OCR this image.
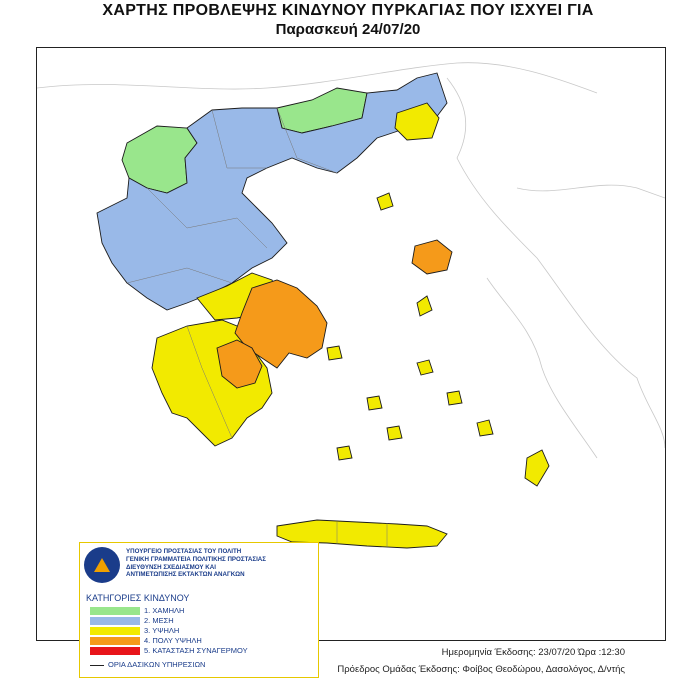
ΧΑΡΤΗΣ ΠΡΟΒΛΕΨΗΣ ΚΙΝΔΥΝΟΥ ΠΥΡΚΑΓΙΑΣ ΠΟΥ ΙΣΧΥΕΙ ΓΙΑ
Παρασκευή 24/07/20
ΥΠΟΥΡΓΕΙΟ ΠΡΟΣΤΑΣΙΑΣ ΤΟΥ ΠΟΛΙΤΗ
ΓΕΝΙΚΗ ΓΡΑΜΜΑΤΕΙΑ ΠΟΛΙΤΙΚΗΣ ΠΡΟΣΤΑΣΙΑΣ
ΔΙΕΥΘΥΝΣΗ ΣΧΕΔΙΑΣΜΟΥ ΚΑΙ
ΑΝΤΙΜΕΤΩΠΙΣΗΣ ΕΚΤΑΚΤΩΝ ΑΝΑΓΚΩΝ
ΚΑΤΗΓΟΡΙΕΣ ΚΙΝΔΥΝΟΥ
1. ΧΑΜΗΛΗ
2. ΜΕΣΗ
3. ΥΨΗΛΗ
4. ΠΟΛΥ ΥΨΗΛΗ
5. ΚΑΤΑΣΤΑΣΗ ΣΥΝΑΓΕΡΜΟΥ
ΟΡΙΑ ΔΑΣΙΚΩΝ ΥΠΗΡΕΣΙΩΝ
Ημερομηνία Έκδοσης: 23/07/20 Ώρα :12:30
Πρόεδρος Ομάδας Έκδοσης: Φοίβος Θεοδώρου, Δασολόγος, Δ/ντής
